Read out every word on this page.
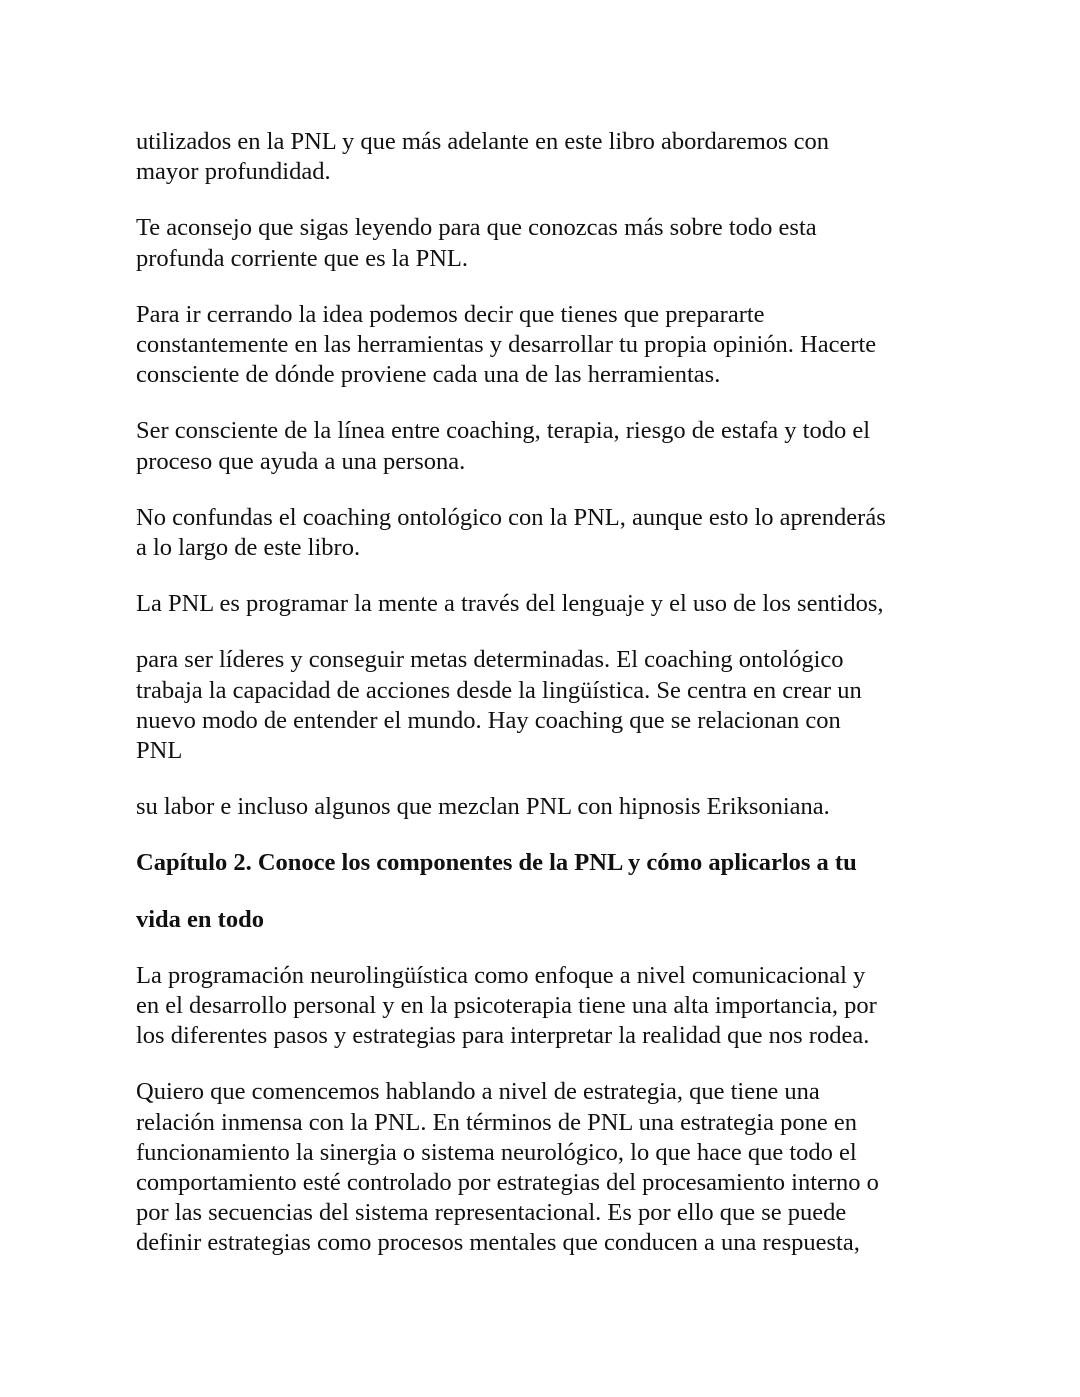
utilizados en la PNL y que más adelante en este libro abordaremos con
mayor profundidad.

Te aconsejo que sigas leyendo para que conozcas más sobre todo esta
profunda corriente que es la PNL.

Para ir cerrando la idea podemos decir que tienes que prepararte
constantemente en las herramientas y desarrollar tu propia opinión. Hacerte
consciente de dónde proviene cada una de las herramientas.

Ser consciente de la línea entre coaching, terapia, riesgo de estafa y todo el
proceso que ayuda a una persona.

No confundas el coaching ontológico con la PNL, aunque esto lo aprenderás
a lo largo de este libro.

La PNL es programar la mente a través del lenguaje y el uso de los sentidos,

para ser líderes y conseguir metas determinadas. El coaching ontológico
trabaja la capacidad de acciones desde la lingüística. Se centra en crear un
nuevo modo de entender el mundo. Hay coaching que se relacionan con
PNL

su labor e incluso algunos que mezclan PNL con hipnosis Eriksoniana.

Capítulo 2. Conoce los componentes de la PNL y cómo aplicarlos a tu
vida en todo

La programación neurolingüística como enfoque a nivel comunicacional y
en el desarrollo personal y en la psicoterapia tiene una alta importancia, por
los diferentes pasos y estrategias para interpretar la realidad que nos rodea.

Quiero que comencemos hablando a nivel de estrategia, que tiene una
relación inmensa con la PNL. En términos de PNL una estrategia pone en
funcionamiento la sinergia o sistema neurológico, lo que hace que todo el
comportamiento esté controlado por estrategias del procesamiento interno o
por las secuencias del sistema representacional. Es por ello que se puede
definir estrategias como procesos mentales que conducen a una respuesta,
